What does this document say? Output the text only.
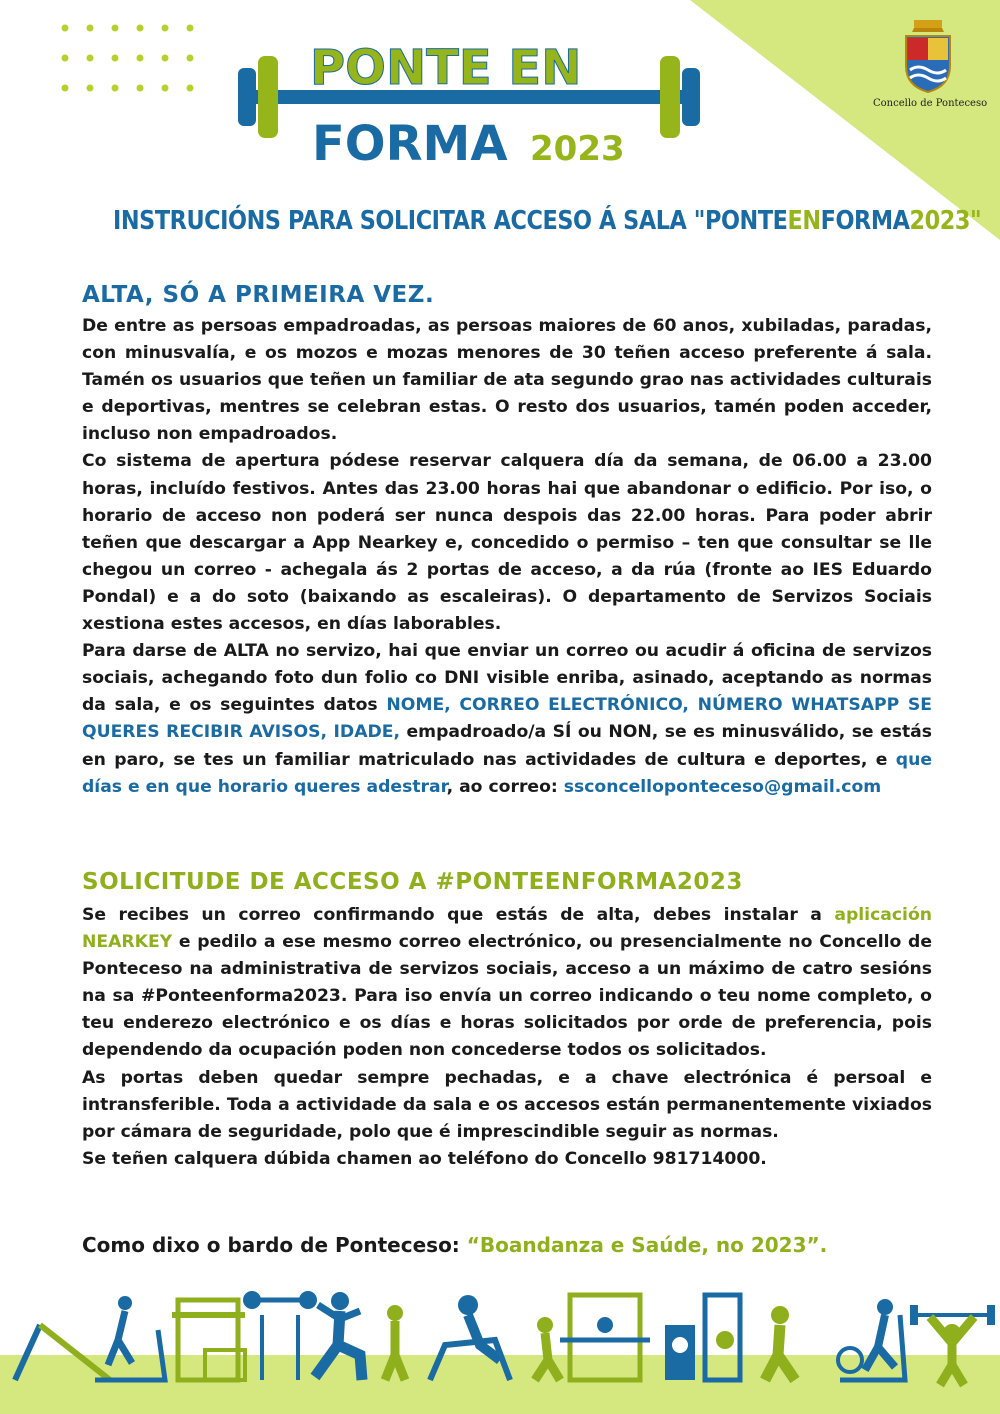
PONTE EN
FORMA 2023
Concello de Ponteceso
INSTRUCIÓNS PARA SOLICITAR ACCESO Á SALA "PONTEENFORMA2023"
ALTA, SÓ A PRIMEIRA VEZ.

De entre as persoas empadroadas, as persoas maiores de 60 anos, xubiladas, paradas, con minusvalía, e os mozos e mozas menores de 30 teñen acceso preferente á sala. Tamén os usuarios que teñen un familiar de ata segundo grao nas actividades culturais e deportivas, mentres se celebran estas. O resto dos usuarios, tamén poden acceder, incluso non empadroados.

Co sistema de apertura pódese reservar calquera día da semana, de 06.00 a 23.00 horas, incluído festivos. Antes das 23.00 horas hai que abandonar o edificio. Por iso, o horario de acceso non poderá ser nunca despois das 22.00 horas. Para poder abrir teñen que descargar a App Nearkey e, concedido o permiso – ten que consultar se lle chegou un correo - achegala ás 2 portas de acceso, a da rúa (fronte ao IES Eduardo Pondal) e a do soto (baixando as escaleiras). O departamento de Servizos Sociais xestiona estes accesos, en días laborables.

Para darse de ALTA no servizo, hai que enviar un correo ou acudir á oficina de servizos sociais, achegando foto dun folio co DNI visible enriba, asinado, aceptando as normas da sala, e os seguintes datos NOME, CORREO ELECTRÓNICO, NÚMERO WHATSAPP SE QUERES RECIBIR AVISOS, IDADE, empadroado/a SÍ ou NON, se es minusválido, se estás en paro, se tes un familiar matriculado nas actividades de cultura e deportes, e que días e en que horario queres adestrar, ao correo: ssconcelloponteceso@gmail.com

SOLICITUDE DE ACCESO A #PONTEENFORMA2023

Se recibes un correo confirmando que estás de alta, debes instalar a aplicación NEARKEY e pedilo a ese mesmo correo electrónico, ou presencialmente no Concello de Ponteceso na administrativa de servizos sociais, acceso a un máximo de catro sesións na sa #Ponteenforma2023. Para iso envía un correo indicando o teu nome completo, o teu enderezo electrónico e os días e horas solicitados por orde de preferencia, pois dependendo da ocupación poden non concederse todos os solicitados.

As portas deben quedar sempre pechadas, e a chave electrónica é persoal e intransferible. Toda a actividade da sala e os accesos están permanentemente vixiados por cámara de seguridade, polo que é imprescindible seguir as normas.

Se teñen calquera dúbida chamen ao teléfono do Concello 981714000.

Como dixo o bardo de Ponteceso: “Boandanza e Saúde, no 2023”.
